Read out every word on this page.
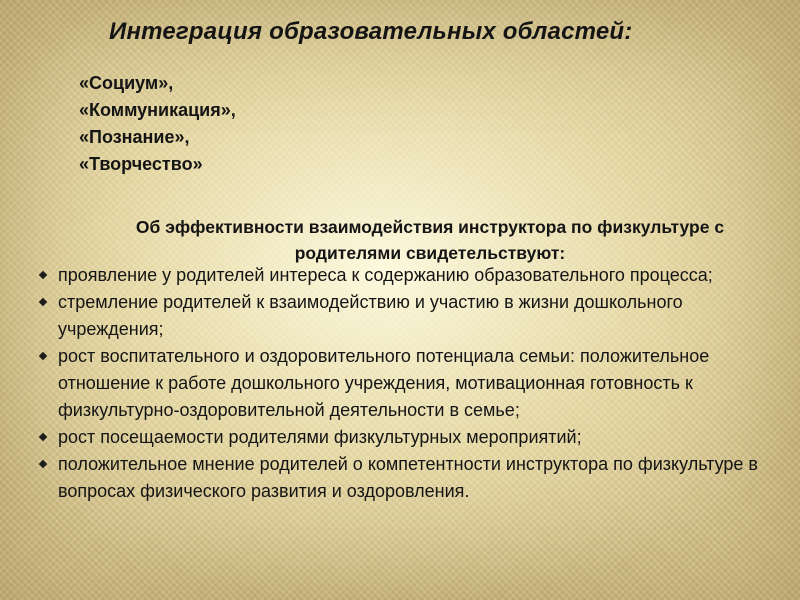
Интеграция образовательных областей:
«Социум»,
«Коммуникация»,
«Познание»,
«Творчество»
Об эффективности взаимодействия инструктора по физкультуре с родителями свидетельствуют:
проявление у родителей интереса к содержанию образовательного процесса;
стремление родителей к взаимодействию и участию в жизни дошкольного учреждения;
рост воспитательного и оздоровительного потенциала семьи: положительное отношение к работе дошкольного учреждения, мотивационная готовность к физкультурно-оздоровительной деятельности в семье;
рост посещаемости родителями физкультурных мероприятий;
положительное мнение родителей о компетентности инструктора по физкультуре в вопросах физического развития и оздоровления.
